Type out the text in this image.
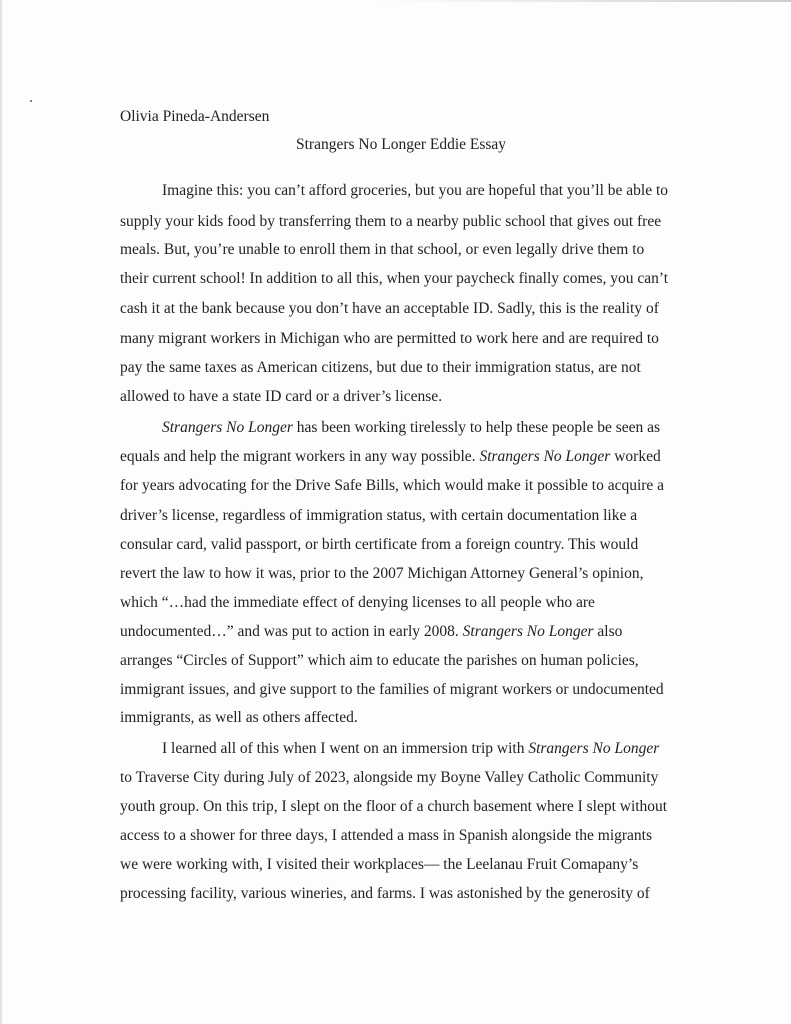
Olivia Pineda-Andersen
Strangers No Longer Eddie Essay
Imagine this: you can’t afford groceries, but you are hopeful that you’ll be able to
supply your kids food by transferring them to a nearby public school that gives out free
meals. But, you’re unable to enroll them in that school, or even legally drive them to
their current school! In addition to all this, when your paycheck finally comes, you can’t
cash it at the bank because you don’t have an acceptable ID. Sadly, this is the reality of
many migrant workers in Michigan who are permitted to work here and are required to
pay the same taxes as American citizens, but due to their immigration status, are not
allowed to have a state ID card or a driver’s license.
Strangers No Longer has been working tirelessly to help these people be seen as
equals and help the migrant workers in any way possible. Strangers No Longer worked
for years advocating for the Drive Safe Bills, which would make it possible to acquire a
driver’s license, regardless of immigration status, with certain documentation like a
consular card, valid passport, or birth certificate from a foreign country. This would
revert the law to how it was, prior to the 2007 Michigan Attorney General’s opinion,
which “…had the immediate effect of denying licenses to all people who are
undocumented…” and was put to action in early 2008. Strangers No Longer also
arranges “Circles of Support” which aim to educate the parishes on human policies,
immigrant issues, and give support to the families of migrant workers or undocumented
immigrants, as well as others affected.
I learned all of this when I went on an immersion trip with Strangers No Longer
to Traverse City during July of 2023, alongside my Boyne Valley Catholic Community
youth group. On this trip, I slept on the floor of a church basement where I slept without
access to a shower for three days, I attended a mass in Spanish alongside the migrants
we were working with, I visited their workplaces— the Leelanau Fruit Comapany’s
processing facility, various wineries, and farms. I was astonished by the generosity of
